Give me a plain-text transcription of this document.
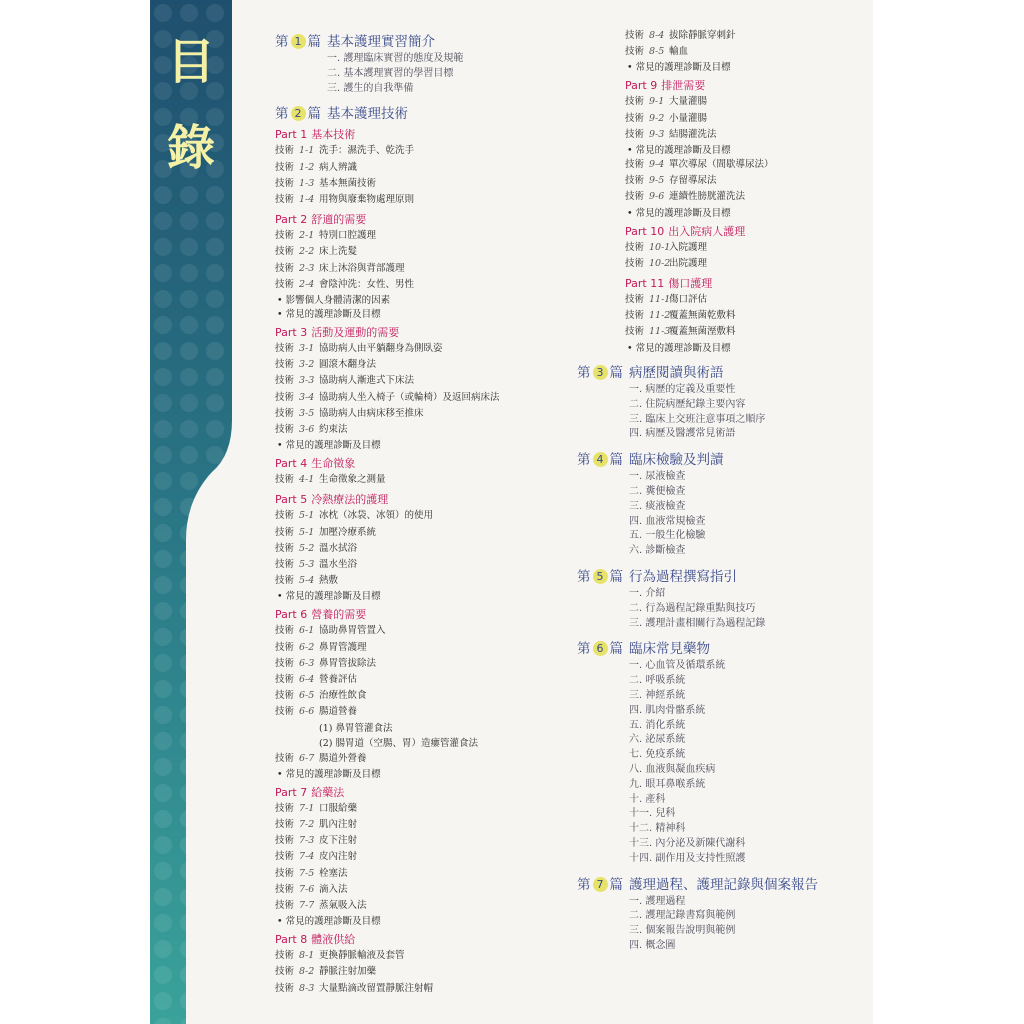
目
錄
第 1 篇 基本護理實習簡介
一. 護理臨床實習的態度及規範
二. 基本護理實習的學習目標
三. 護生的自我準備
第 2 篇 基本護理技術
Part 1 基本技術
技術 1-1 洗手：濕洗手、乾洗手
技術 1-2 病人辨識
技術 1-3 基本無菌技術
技術 1-4 用物與廢棄物處理原則
Part 2 舒適的需要
技術 2-1 特別口腔護理
技術 2-2 床上洗髮
技術 2-3 床上沐浴與背部護理
技術 2-4 會陰沖洗：女性、男性
• 影響個人身體清潔的因素
• 常見的護理診斷及目標
Part 3 活動及運動的需要
技術 3-1 協助病人由平躺翻身為側臥姿
技術 3-2 圓滾木翻身法
技術 3-3 協助病人漸進式下床法
技術 3-4 協助病人坐入椅子（或輪椅）及返回病床法
技術 3-5 協助病人由病床移至推床
技術 3-6 約束法
• 常見的護理診斷及目標
Part 4 生命徵象
技術 4-1 生命徵象之測量
Part 5 冷熱療法的護理
技術 5-1 冰枕（冰袋、冰領）的使用
技術 5-1 加壓冷療系統
技術 5-2 溫水拭浴
技術 5-3 溫水坐浴
技術 5-4 熱敷
• 常見的護理診斷及目標
Part 6 營養的需要
技術 6-1 協助鼻胃管置入
技術 6-2 鼻胃管護理
技術 6-3 鼻胃管拔除法
技術 6-4 營養評估
技術 6-5 治療性飲食
技術 6-6 腸道營養
(1) 鼻胃管灌食法
(2) 腸胃道（空腸、胃）造瘻管灌食法
技術 6-7 腸道外營養
• 常見的護理診斷及目標
Part 7 給藥法
技術 7-1 口服給藥
技術 7-2 肌內注射
技術 7-3 皮下注射
技術 7-4 皮內注射
技術 7-5 栓塞法
技術 7-6 滴入法
技術 7-7 蒸氣吸入法
• 常見的護理診斷及目標
Part 8 體液供給
技術 8-1 更換靜脈輸液及套管
技術 8-2 靜脈注射加藥
技術 8-3 大量點滴改留置靜脈注射帽
技術 8-4 拔除靜脈穿刺針
技術 8-5 輸血
• 常見的護理診斷及目標
Part 9 排泄需要
技術 9-1 大量灌腸
技術 9-2 小量灌腸
技術 9-3 結腸灌洗法
• 常見的護理診斷及目標
技術 9-4 單次導尿（間歇導尿法）
技術 9-5 存留導尿法
技術 9-6 連續性膀胱灌洗法
• 常見的護理診斷及目標
Part 10 出入院病人護理
技術 10-1入院護理
技術 10-2出院護理
Part 11 傷口護理
技術 11-1傷口評估
技術 11-2覆蓋無菌乾敷料
技術 11-3覆蓋無菌溼敷料
• 常見的護理診斷及目標
第 3 篇 病歷閱讀與術語
一. 病歷的定義及重要性
二. 住院病歷紀錄主要內容
三. 臨床上交班注意事項之順序
四. 病歷及醫護常見術語
第 4 篇 臨床檢驗及判讀
一. 尿液檢查
二. 糞便檢查
三. 痰液檢查
四. 血液常規檢查
五. 一般生化檢驗
六. 診斷檢查
第 5 篇 行為過程撰寫指引
一. 介紹
二. 行為過程記錄重點與技巧
三. 護理計畫相關行為過程記錄
第 6 篇 臨床常見藥物
一. 心血管及循環系統
二. 呼吸系統
三. 神經系統
四. 肌肉骨骼系統
五. 消化系統
六. 泌尿系統
七. 免疫系統
八. 血液與凝血疾病
九. 眼耳鼻喉系統
十. 產科
十一. 兒科
十二. 精神科
十三. 內分泌及新陳代謝科
十四. 副作用及支持性照護
第 7 篇 護理過程、護理記錄與個案報告
一. 護理過程
二. 護理記錄書寫與範例
三. 個案報告說明與範例
四. 概念圖
